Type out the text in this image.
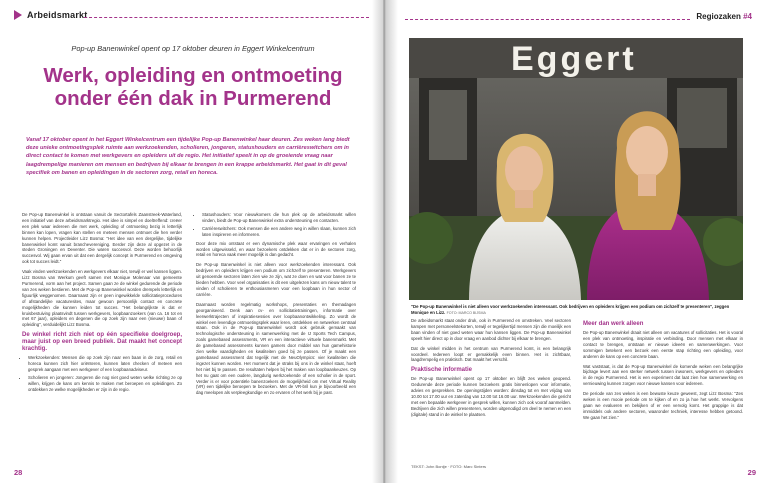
Arbeidsmarkt
Pop-up Banenwinkel opent op 17 oktober deuren in Eggert Winkelcentrum
Werk, opleiding en ontmoeting
onder één dak in Purmerend
Vanaf 17 oktober opent in het Eggert Winkelcentrum een tijdelijke Pop-up Banenwinkel haar deuren. Zes weken lang biedt deze unieke ontmoetingsplek ruimte aan werkzoekenden, scholieren, jongeren, statushouders en carrièreswitchers om in direct contact te komen met werkgevers en opleiders uit de regio. Het initiatief speelt in op de groeiende vraag naar laagdrempelige manieren om mensen en bedrijven bij elkaar te brengen in een krappe arbeidsmarkt. Het gaat in dit geval specifiek om banen en opleidingen in de sectoren zorg, retail en horeca.

De Pop-up Banenwinkel is ontstaan vanuit de Sectortafels Zaanstreek-Waterland, een initiatief van deze arbeidsmarktregio. Het idee is simpel en doeltreffend: creëer een plek waar iedereen die met werk, opleiding of ontmoeting bezig is letterlijk binnen kan lopen, vragen kan stellen en meteen mensen ontmoet die hen verder kunnen helpen. Projectleider Lizz Bosma: "Het idee van een dergelijke, tijdelijke banenwinkel komt vanuit branchevereniging. Eerder zijn deze al opgezet in de steden Groningen en Deventer. Die waren succesvol. Deze worden behoorlijk succesvol. Wij gaan ervan uit dat een dergelijk concept in Purmerend en omgeving ook tot succes leidt."

Vaak vinden werkzoekenden en werkgevers elkaar niet, terwijl er wel kansen liggen. Lizz Bosma van Werkum geeft samen met Monique Molenaar van gemeente Purmerend, vorm aan het project. Samen gaan ze de winkel gedurende de periode van zes weken bestieren. Met de Pop-up Banenwinkel worden drempels letterlijk en figuurlijk weggenomen. Daarnaast zijn er geen ingewikkelde sollicitatieprocedures of afstandelijke vacaturesites, maar gewoon persoonlijk contact en concrete mogelijkheden die kunnen leiden tot succes. "Het belangrijkste is dat er kruisbestuiving plaatsvindt tussen werkgevers, loopbaanzoekers (van ca. 16 tot en met 67 jaar), opleiders en degenen die op zoek zijn naar een (nieuwe) baan of opleiding", verduidelijkt Lizz Bosma.

De winkel richt zich niet op één specifieke doelgroep, maar juist op een breed publiek. Dat maakt het concept krachtig.
• Werkzoekenden: Mensen die op zoek zijn naar een baan in de zorg, retail en horeca kunnen zich hier oriënteren, kunnen laten checken of meteen een gesprek aangaan met een werkgever of een loopbaanadviseur.
• Scholieren en jongeren: Jongeren die nog niet goed weten welke richting ze op willen, krijgen de kans om kennis te maken met beroepen en opleidingen. Zo ontdekken ze welke mogelijkheden er zijn in de regio.
• Statushouders: Voor nieuwkomers die hun plek op de arbeidsmarkt willen vinden, biedt de Pop-up Banenwinkel extra ondersteuning en contacten.
• Carrièreswitchers: Ook mensen die een andere weg in willen slaan, kunnen zich laten inspireren en informeren.

Door deze mix ontstaat er een dynamische plek waar ervaringen en verhalen worden uitgewisseld, en waar bezoekers ontdekken dat er in de sectoren zorg, retail en horeca vaak meer mogelijk is dan gedacht.

De Pop-up Banenwinkel is niet alleen voor werkzoekenden interessant. Ook bedrijven en opleiders krijgen een podium om zichzelf te presenteren. Werkgevers uit genoemde sectoren laten zien wie ze zijn, wat ze doen en wat voor banen ze te bieden hebben. Voor veel organisaties is dit een uitgelezen kans om nieuw talent te vinden of scholieren te enthousiasmeren voor een loopbaan in hun sector of carrière.

Daarnaast worden regelmatig workshops, presentaties en themadagen georganiseerd. Denk aan cv- en sollicitatietrainingen, informatie over leerwerktrajecten of inspiratiesessies over loopbaanontwikkeling. Zo wordt de winkel een levendige ontmoetingsplek waar leren, ontdekken en netwerken centraal staan. Ook in de Pop-up Banenwinkel wordt ook gebruik gemaakt van technologische ondersteuning in samenwerking met de IJ Sports Tech Campus, zoals gamebased assessments, VR en een interactieve virtuele banenmarkt. Met de gamebased assessments kunnen gamers door middel van hun gamehistorie zien welke vaardigheden en kwaliteiten goed bij ze passen. Of je maakt een gamebased assessment dat tegelijk met de NeuOlympics: vier kwaliteiten die ingezet kunnen worden. Het moment dat je straks bij ons in de winkel staat, hoeft het niet bij te passen. De resultaten helpen bij het maken van loopbaankeuzes. Op het nu gaat om een oudere, langdurig werkzoekende of een scholier in de sport. Verder is er voor potentiële banenzoekers de mogelijkheid om met Virtual Reality (VR) een tijdelijke beroepen te bezoeken. Met de VR-bril kun je bijvoorbeeld een dag meelopen als verpleegkundige en zo ervaren of het werk bij je past.

28
Regiozaken #4
Eggert
"De Pop-up Banenwinkel is niet alleen voor werkzoekenden interessant. Ook bedrijven en opleiders krijgen een podium om zichzelf te presenteren", zeggen Monique en Lizz. FOTO: MARCO BIJSMA

De arbeidsmarkt staat onder druk, ook in Purmerend en omstreken. Veel sectoren kampen met personeelstekorten, terwijl er tegelijkertijd mensen zijn die moeilijk een baan vinden of niet goed weten waar hun kansen liggen. De Pop-up Banenwinkel speelt hier direct op in door vraag en aanbod dichter bij elkaar te brengen.

Dat de winkel midden in het centrum van Purmerend komt, is een belangrijk voordeel. Iedereen loopt er gemakkelijk even binnen. Het is zichtbaar, laagdrempelig en praktisch. Dat maakt het verschil.

Praktische informatie

De Pop-up Banenwinkel opent op 17 oktober en blijft zes weken geopend. Gedurende deze periode kunnen bezoekers gratis binnenlopen voor informatie, advies en gesprekken. De openingstijden worden: dinsdag tot en met vrijdag van 10.00 tot 17.00 uur en zaterdag van 12.00 tot 16.00 uur. Werkzoekenden die gericht met een bepaalde werkgever in gesprek willen, kunnen zich ook vooraf aanmelden. Bedrijven die zich willen presenteren, worden uitgenodigd om deel te nemen en een (digitale) stand in de winkel te plaatsen.

Meer dan werk alleen

De Pop-up Banenwinkel draait niet alleen om vacatures of sollicitaties. Het is vooral een plek van ontmoeting, inspiratie en verbinding. Door mensen met elkaar in contact te brengen, ontstaan er nieuwe ideeën en samenwerkingen. Voor sommigen betekent een bezoek een eerste stap richting een opleiding, voor anderen de kans op een concrete baan.

Wat vaststaat, is dat de Pop-up Banenwinkel de komende weken een belangrijke bijdrage levert aan een sterker netwerk tussen inwoners, werkgevers en opleiders in de regio Purmerend. Het is een experiment dat laat zien hoe samenwerking en vernieuwing kunnen zorgen voor nieuwe kansen voor iedereen.

De periode van zes weken is een bewuste keuze geweest, zegt Lizz Bosma: "Zes weken is een mooie periode om te kijken of en zo ja hoe het werkt. Vervolgens gaan we evalueren en bekijken of er een vervolg komt. Het grappige is dat immiddels ook andere sectoren, waaronder techniek, interesse hebben getoond. We gaan het zien."

TEKST: John Bontje · FOTO: Marc Sinters
29
